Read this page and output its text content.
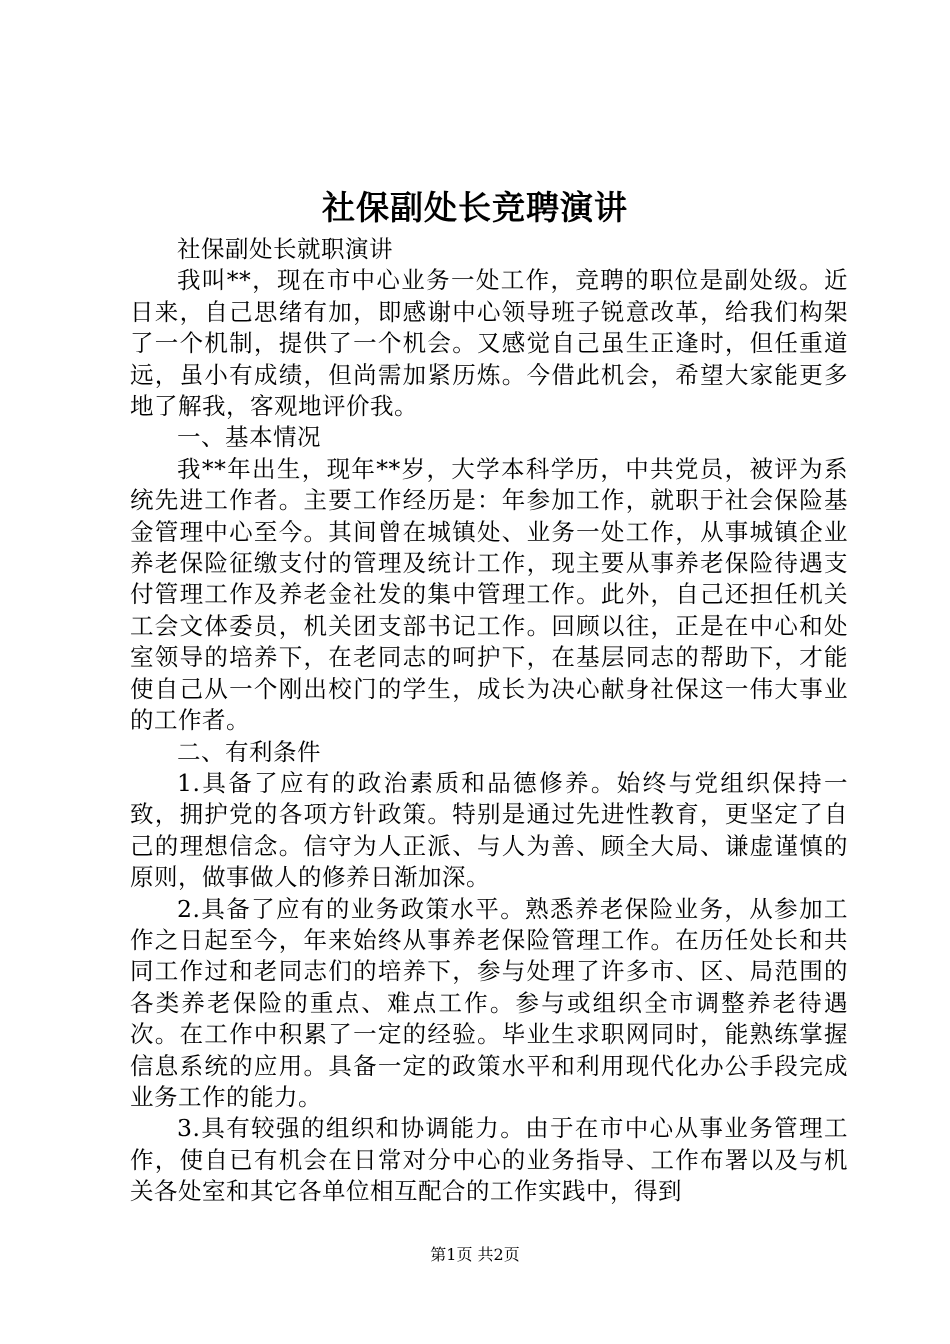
社保副处长竞聘演讲

社保副处长就职演讲

我叫**，现在市中心业务一处工作，竞聘的职位是副处级。近日来，自己思绪有加，即感谢中心领导班子锐意改革，给我们构架了一个机制，提供了一个机会。又感觉自己虽生正逢时，但任重道远，虽小有成绩，但尚需加紧历炼。今借此机会，希望大家能更多地了解我，客观地评价我。

一、基本情况

我**年出生，现年**岁，大学本科学历，中共党员，被评为系统先进工作者。主要工作经历是：年参加工作，就职于社会保险基金管理中心至今。其间曾在城镇处、业务一处工作，从事城镇企业养老保险征缴支付的管理及统计工作，现主要从事养老保险待遇支付管理工作及养老金社发的集中管理工作。此外，自己还担任机关工会文体委员，机关团支部书记工作。回顾以往，正是在中心和处室领导的培养下，在老同志的呵护下，在基层同志的帮助下，才能使自己从一个刚出校门的学生，成长为决心献身社保这一伟大事业的工作者。

二、有利条件

1.具备了应有的政治素质和品德修养。始终与党组织保持一致，拥护党的各项方针政策。特别是通过先进性教育，更坚定了自己的理想信念。信守为人正派、与人为善、顾全大局、谦虚谨慎的原则，做事做人的修养日渐加深。

2.具备了应有的业务政策水平。熟悉养老保险业务，从参加工作之日起至今，年来始终从事养老保险管理工作。在历任处长和共同工作过和老同志们的培养下，参与处理了许多市、区、局范围的各类养老保险的重点、难点工作。参与或组织全市调整养老待遇次。在工作中积累了一定的经验。毕业生求职网同时，能熟练掌握信息系统的应用。具备一定的政策水平和利用现代化办公手段完成业务工作的能力。

3.具有较强的组织和协调能力。由于在市中心从事业务管理工作，使自已有机会在日常对分中心的业务指导、工作布署以及与机关各处室和其它各单位相互配合的工作实践中，得到

第1页 共2页
